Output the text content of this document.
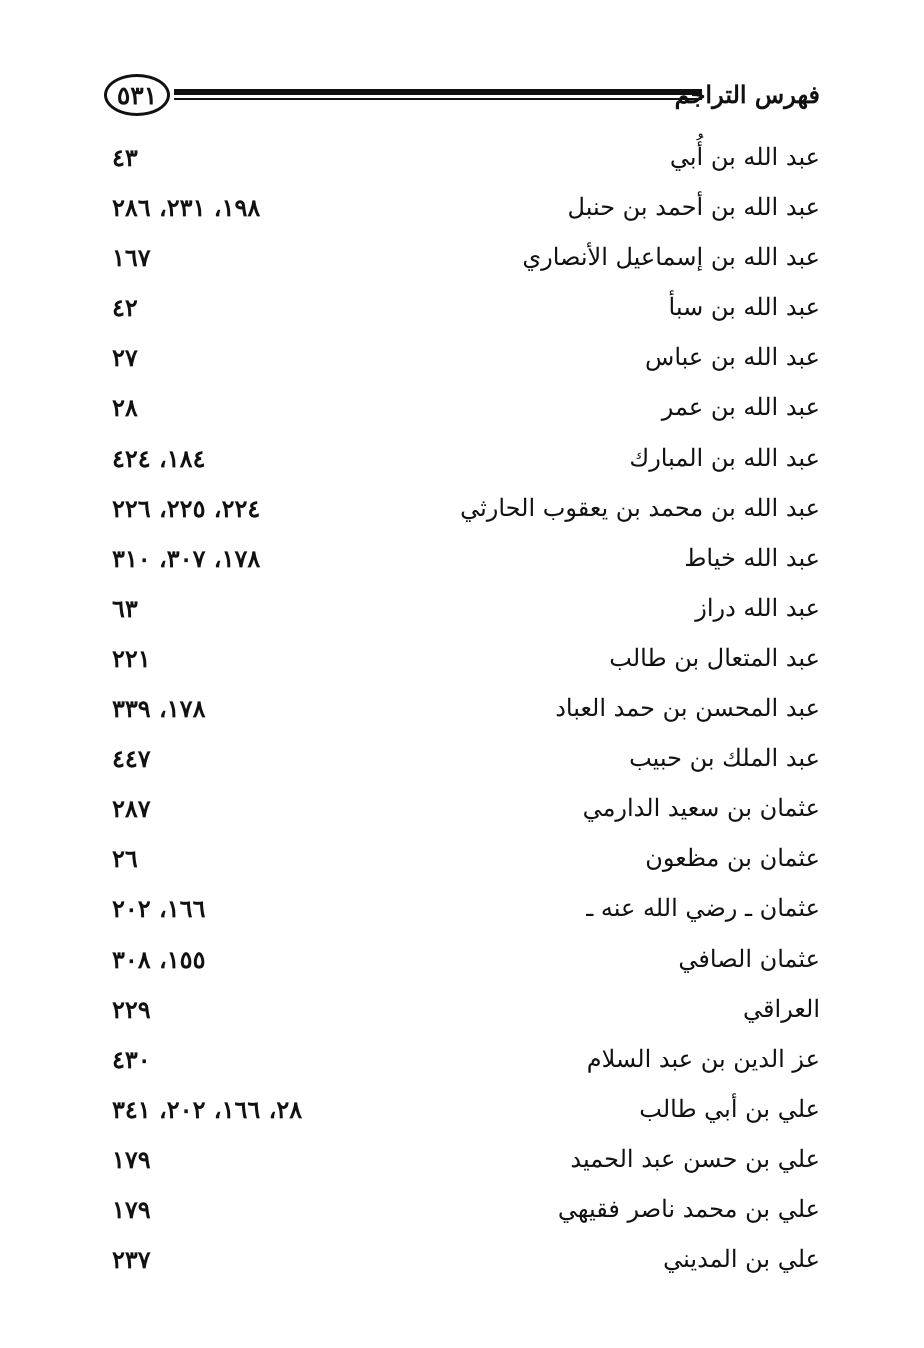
٥٣١	فهرس التراجم
عبد الله بن أُبي
٤٣
عبد الله بن أحمد بن حنبل
١٩٨، ٢٣١، ٢٨٦
عبد الله بن إسماعيل الأنصاري
١٦٧
عبد الله بن سبأ
٤٢
عبد الله بن عباس
٢٧
عبد الله بن عمر
٢٨
عبد الله بن المبارك
١٨٤، ٤٢٤
عبد الله بن محمد بن يعقوب الحارثي
٢٢٤، ٢٢٥، ٢٢٦
عبد الله خياط
١٧٨، ٣٠٧، ٣١٠
عبد الله دراز
٦٣
عبد المتعال بن طالب
٢٢١
عبد المحسن بن حمد العباد
١٧٨، ٣٣٩
عبد الملك بن حبيب
٤٤٧
عثمان بن سعيد الدارمي
٢٨٧
عثمان بن مظعون
٢٦
عثمان ـ رضي الله عنه ـ
١٦٦، ٢٠٢
عثمان الصافي
١٥٥، ٣٠٨
العراقي
٢٢٩
عز الدين بن عبد السلام
٤٣٠
علي بن أبي طالب
٢٨، ١٦٦، ٢٠٢، ٣٤١
علي بن حسن عبد الحميد
١٧٩
علي بن محمد ناصر فقيهي
١٧٩
علي بن المديني
٢٣٧
